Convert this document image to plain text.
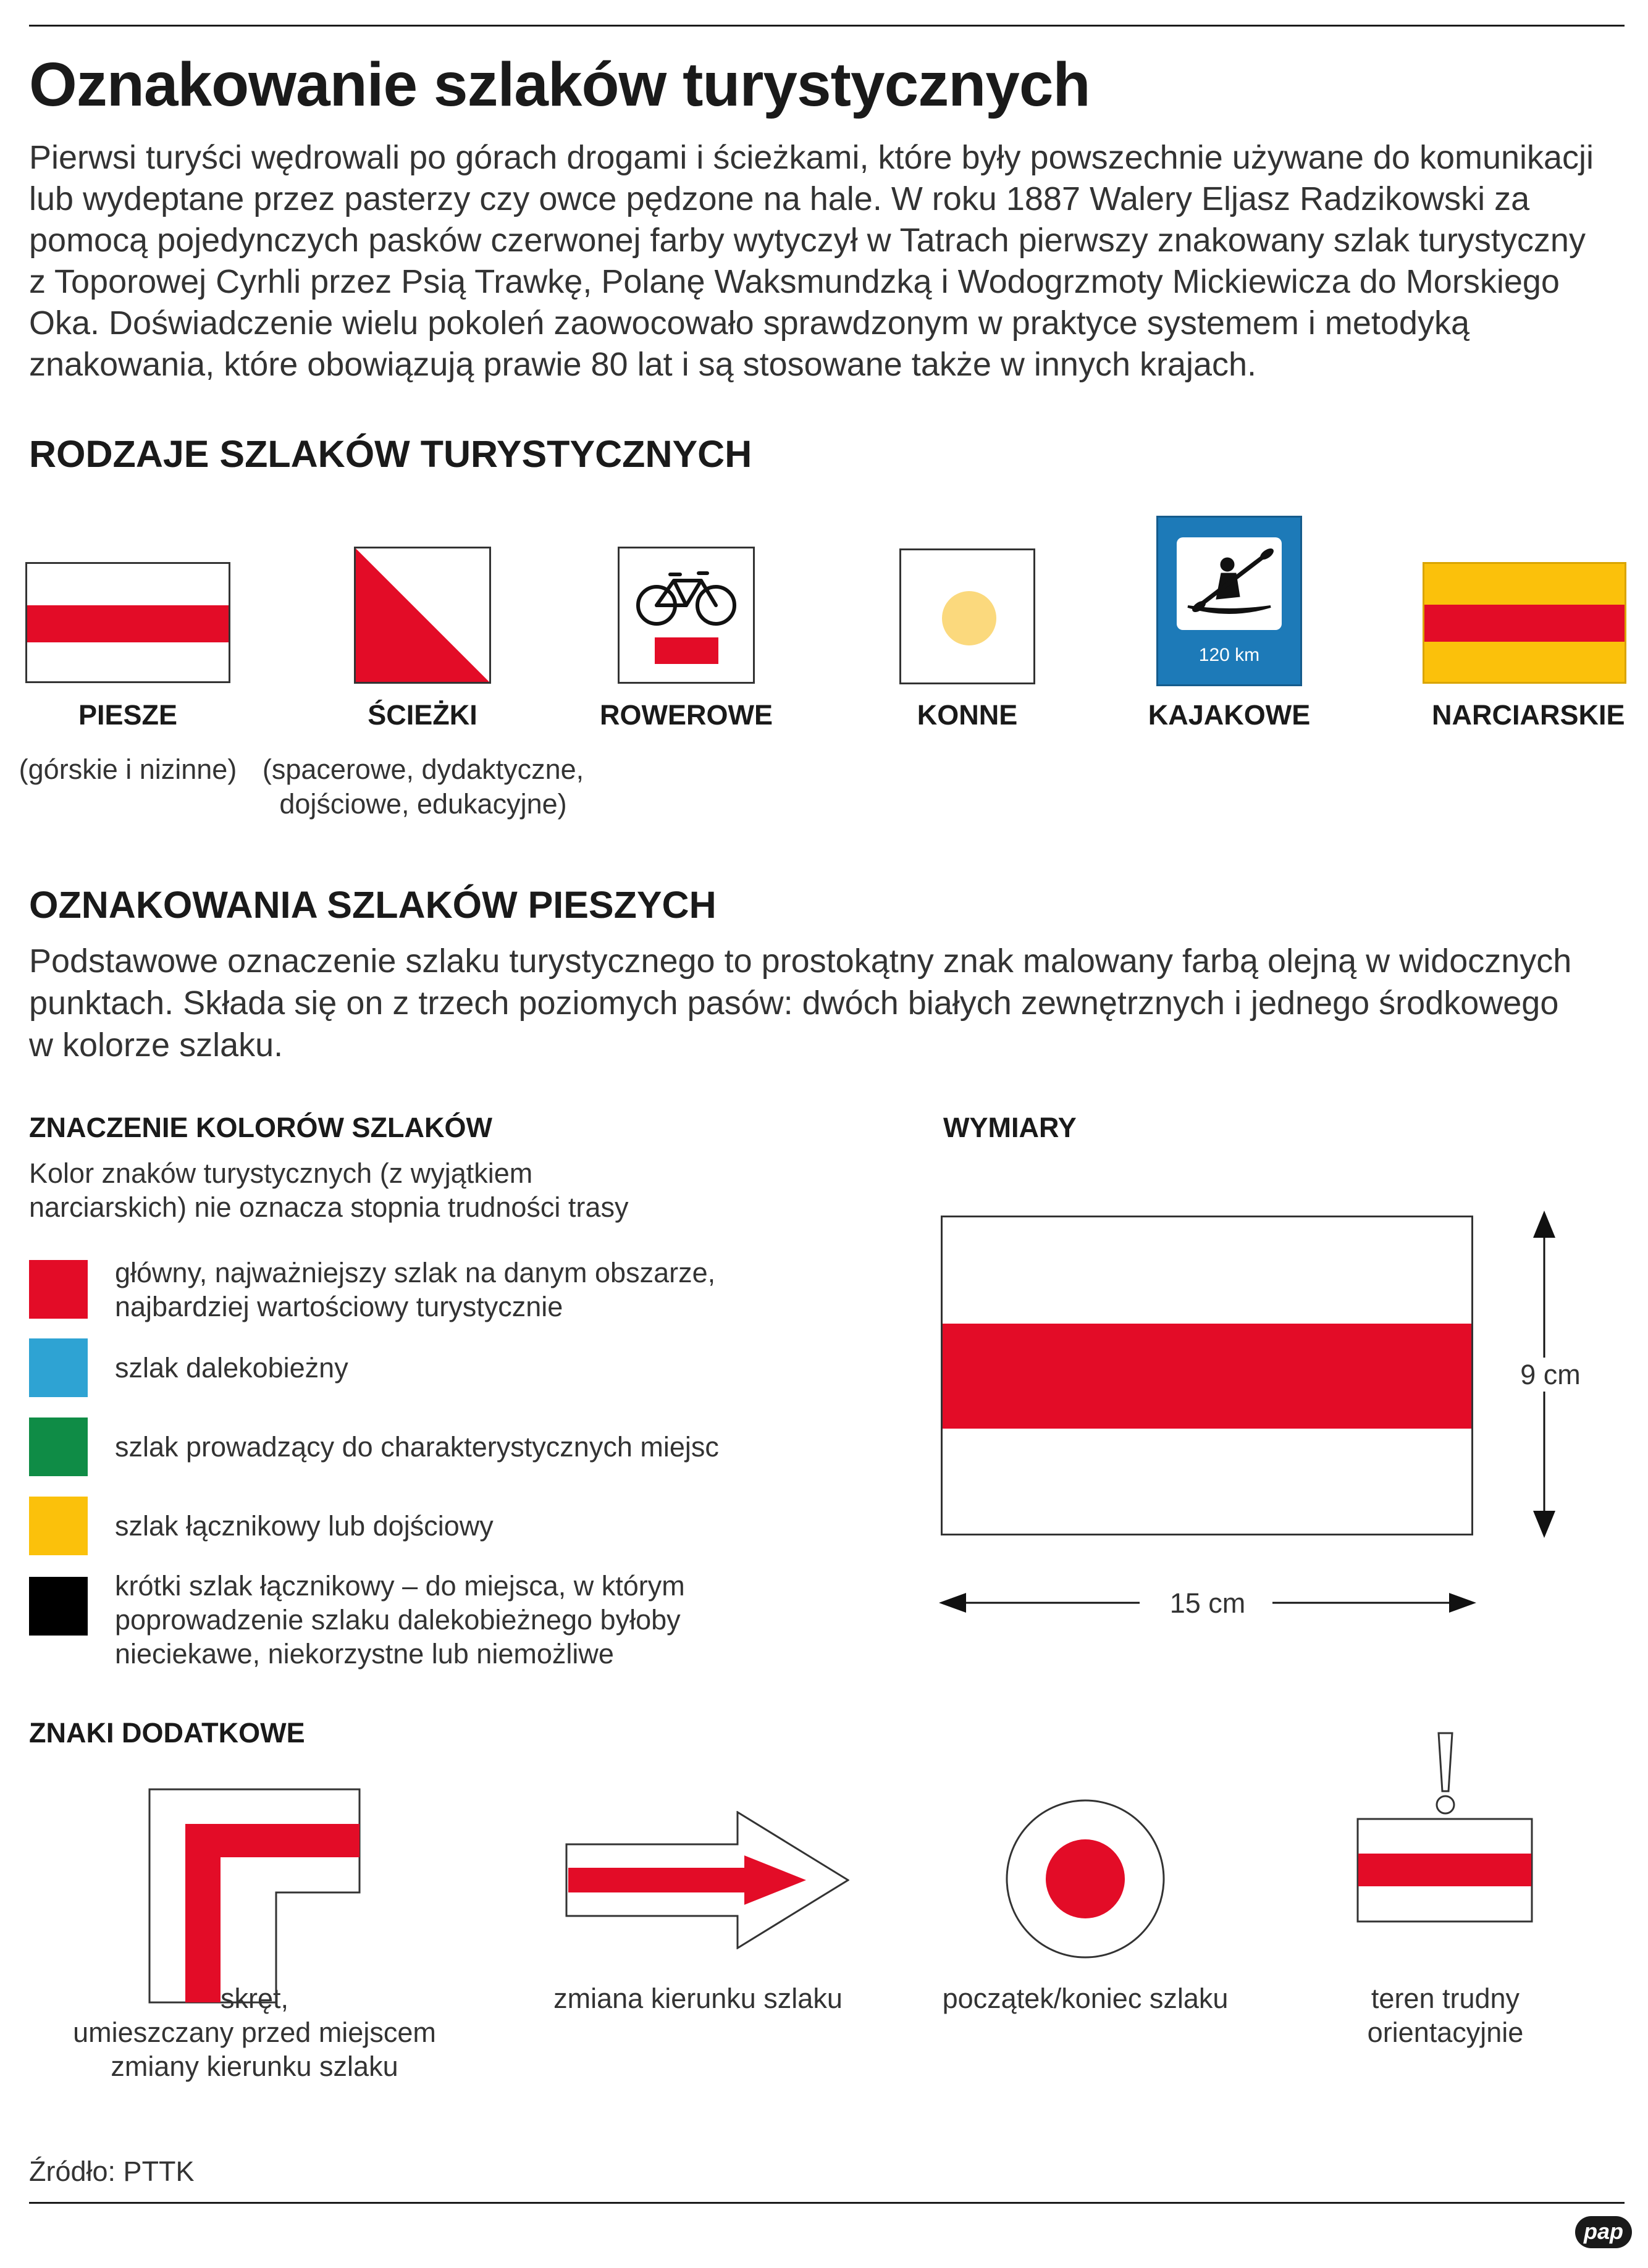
Oznakowanie szlaków turystycznych
Pierwsi turyści wędrowali po górach drogami i ścieżkami, które były powszechnie używane do komunikacji lub wydeptane przez pasterzy czy owce pędzone na hale. W roku 1887 Walery Eljasz Radzikowski za pomocą pojedynczych pasków czerwonej farby wytyczył w Tatrach pierwszy znakowany szlak turystyczny z Toporowej Cyrhli przez Psią Trawkę, Polanę Waksmundzką i Wodogrzmoty Mickiewicza do Morskiego Oka. Doświadczenie wielu pokoleń zaowocowało sprawdzonym w praktyce systemem i metodyką znakowania, które obowiązują prawie 80 lat i są stosowane także w innych krajach.
RODZAJE SZLAKÓW TURYSTYCZNYCH
PIESZE
(górskie i nizinne)
ŚCIEŻKI
(spacerowe, dydaktyczne,
dojściowe, edukacyjne)
ROWEROWE	KONNE
120 km
KAJAKOWE	NARCIARSKIE
OZNAKOWANIA SZLAKÓW PIESZYCH
Podstawowe oznaczenie szlaku turystycznego to prostokątny znak malowany farbą olejną w widocznych punktach. Składa się on z trzech poziomych pasów: dwóch białych zewnętrznych i jednego środkowego w kolorze szlaku.
ZNACZENIE KOLORÓW SZLAKÓW
Kolor znaków turystycznych (z wyjątkiem
narciarskich) nie oznacza stopnia trudności trasy
główny, najważniejszy szlak na danym obszarze,
najbardziej wartościowy turystycznie
szlak dalekobieżny
szlak prowadzący do charakterystycznych miejsc
szlak łącznikowy lub dojściowy
krótki szlak łącznikowy – do miejsca, w którym
poprowadzenie szlaku dalekobieżnego byłoby
nieciekawe, niekorzystne lub niemożliwe
WYMIARY
9 cm
15 cm
ZNAKI DODATKOWE
skręt,
umieszczany przed miejscem
zmiany kierunku szlaku
zmiana kierunku szlaku	początek/koniec szlaku	teren trudny
orientacyjnie
Źródło: PTTK
pap
